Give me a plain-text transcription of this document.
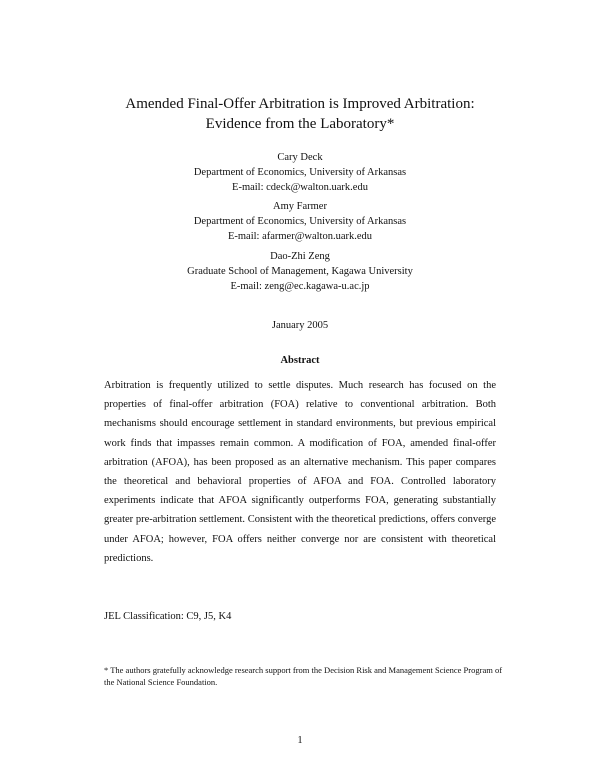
Amended Final-Offer Arbitration is Improved Arbitration:
Evidence from the Laboratory*
Cary Deck
Department of Economics, University of Arkansas
E-mail: cdeck@walton.uark.edu
Amy Farmer
Department of Economics, University of Arkansas
E-mail: afarmer@walton.uark.edu
Dao-Zhi Zeng
Graduate School of Management, Kagawa University
E-mail: zeng@ec.kagawa-u.ac.jp
January 2005
Abstract
Arbitration is frequently utilized to settle disputes. Much research has focused on the properties of final-offer arbitration (FOA) relative to conventional arbitration. Both mechanisms should encourage settlement in standard environments, but previous empirical work finds that impasses remain common. A modification of FOA, amended final-offer arbitration (AFOA), has been proposed as an alternative mechanism. This paper compares the theoretical and behavioral properties of AFOA and FOA. Controlled laboratory experiments indicate that AFOA significantly outperforms FOA, generating substantially greater pre-arbitration settlement. Consistent with the theoretical predictions, offers converge under AFOA; however, FOA offers neither converge nor are consistent with theoretical predictions.
JEL Classification: C9, J5, K4
* The authors gratefully acknowledge research support from the Decision Risk and Management Science Program of the National Science Foundation.
1
